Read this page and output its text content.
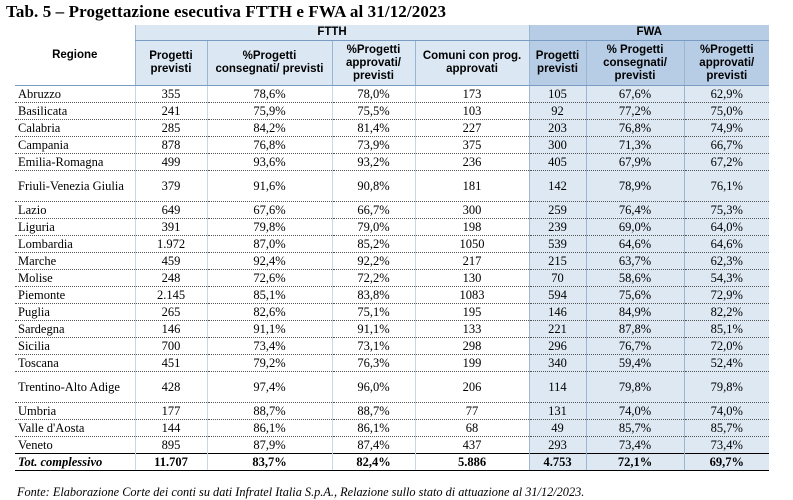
Tab. 5 – Progettazione esecutiva FTTH e FWA al 31/12/2023
Regione	FTTH				FWA		
	Progetti previsti	%Progetti consegnati/ previsti	%Progetti approvati/ previsti	Comuni con prog. approvati	Progetti previsti	% Progetti consegnati/ previsti	%Progetti approvati/ previsti
Abruzzo	355	78,6%	78,0%	173	105	67,6%	62,9%
Basilicata	241	75,9%	75,5%	103	92	77,2%	75,0%
Calabria	285	84,2%	81,4%	227	203	76,8%	74,9%
Campania	878	76,8%	73,9%	375	300	71,3%	66,7%
Emilia-Romagna	499	93,6%	93,2%	236	405	67,9%	67,2%
Friuli-Venezia Giulia	379	91,6%	90,8%	181	142	78,9%	76,1%
Lazio	649	67,6%	66,7%	300	259	76,4%	75,3%
Liguria	391	79,8%	79,0%	198	239	69,0%	64,0%
Lombardia	1.972	87,0%	85,2%	1050	539	64,6%	64,6%
Marche	459	92,4%	92,2%	217	215	63,7%	62,3%
Molise	248	72,6%	72,2%	130	70	58,6%	54,3%
Piemonte	2.145	85,1%	83,8%	1083	594	75,6%	72,9%
Puglia	265	82,6%	75,1%	195	146	84,9%	82,2%
Sardegna	146	91,1%	91,1%	133	221	87,8%	85,1%
Sicilia	700	73,4%	73,1%	298	296	76,7%	72,0%
Toscana	451	79,2%	76,3%	199	340	59,4%	52,4%
Trentino-Alto Adige	428	97,4%	96,0%	206	114	79,8%	79,8%
Umbria	177	88,7%	88,7%	77	131	74,0%	74,0%
Valle d'Aosta	144	86,1%	86,1%	68	49	85,7%	85,7%
Veneto	895	87,9%	87,4%	437	293	73,4%	73,4%
Tot. complessivo	11.707	83,7%	82,4%	5.886	4.753	72,1%	69,7%
Fonte: Elaborazione Corte dei conti su dati Infratel Italia S.p.A., Relazione sullo stato di attuazione al 31/12/2023.
